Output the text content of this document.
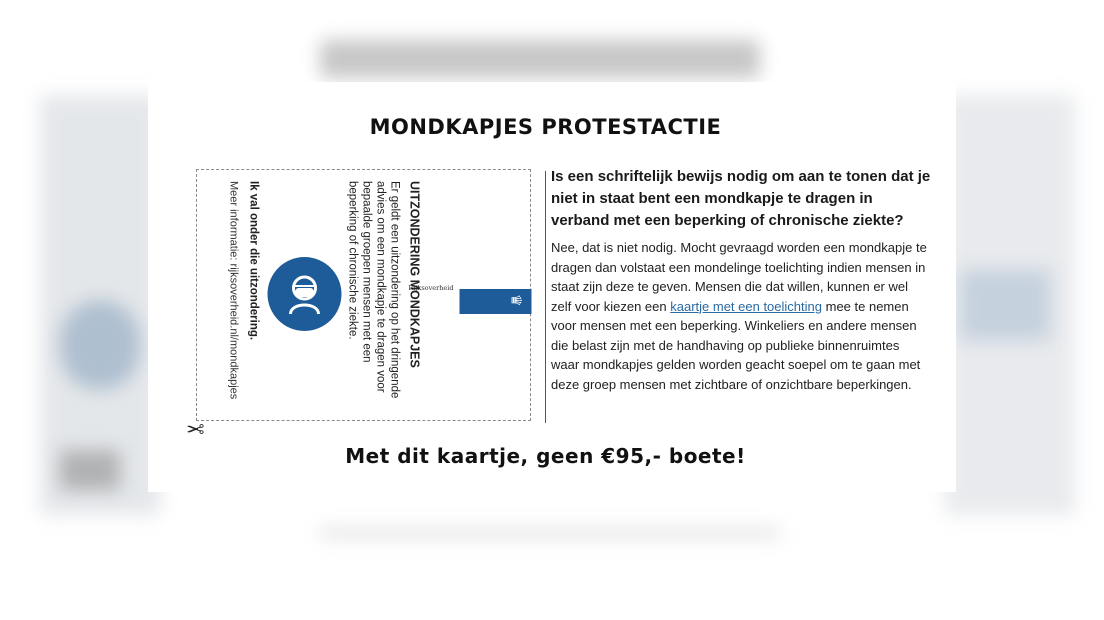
MONDKAPJES PROTESTACTIE
♛
Rijksoverheid
UITZONDERING MONDKAPJES
Er geldt een uitzondering op het dringende advies om een mondkapje te dragen voor bepaalde groepen mensen met een beperking of chronische ziekte.
Ik val onder die uitzondering.
Meer informatie: rijksoverheid.nl/mondkapjes
✂
Is een schriftelijk bewijs nodig om aan te tonen dat je niet in staat bent een mondkapje te dragen in verband met een beperking of chronische ziekte?

Nee, dat is niet nodig. Mocht gevraagd worden een mondkapje te dragen dan volstaat een mondelinge toelichting indien mensen in staat zijn deze te geven. Mensen die dat willen, kunnen er wel zelf voor kiezen een kaartje met een toelichting mee te nemen voor mensen met een beperking. Winkeliers en andere mensen die belast zijn met de handhaving op publieke binnenruimtes waar mondkapjes gelden worden geacht soepel om te gaan met deze groep mensen met zichtbare of onzichtbare beperkingen.

Met dit kaartje, geen €95,- boete!
